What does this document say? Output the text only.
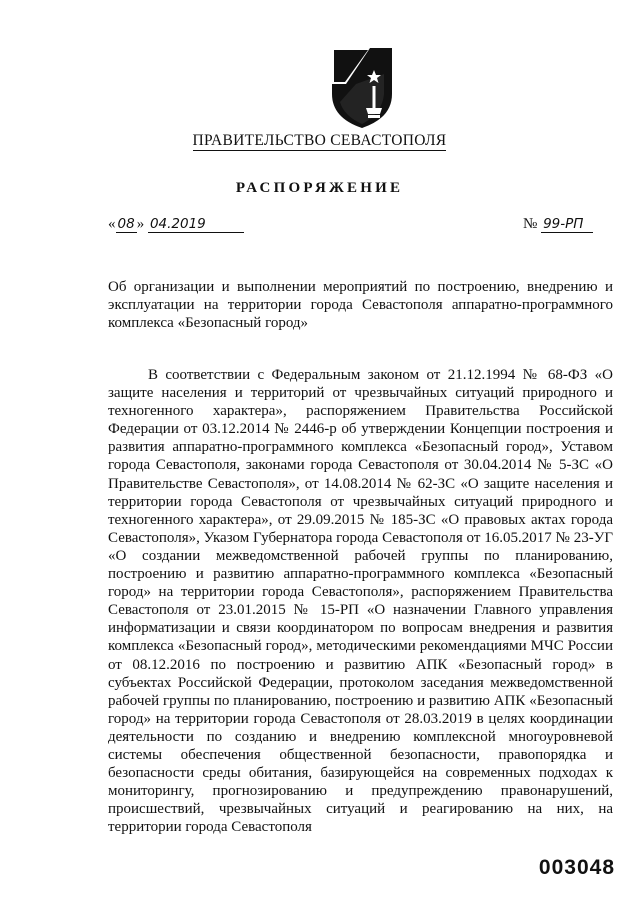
ПРАВИТЕЛЬСТВО СЕВАСТОПОЛЯ
РАСПОРЯЖЕНИЕ
« 08 » 04.2019	№ 99-РП
Об организации и выполнении мероприятий по построению, внедрению и эксплуатации на территории города Севастополя аппаратно-программного комплекса «Безопасный город»
В соответствии с Федеральным законом от 21.12.1994 № 68-ФЗ «О защите населения и территорий от чрезвычайных ситуаций природного и техногенного характера», распоряжением Правительства Российской Федерации от 03.12.2014 № 2446-р об утверждении Концепции построения и развития аппаратно-программного комплекса «Безопасный город», Уставом города Севастополя, законами города Севастополя от 30.04.2014 № 5-ЗС «О Правительстве Севастополя», от 14.08.2014 № 62-ЗС «О защите населения и территории города Севастополя от чрезвычайных ситуаций природного и техногенного характера», от 29.09.2015 № 185-ЗС «О правовых актах города Севастополя», Указом Губернатора города Севастополя от 16.05.2017 № 23-УГ «О создании межведомственной рабочей группы по планированию, построению и развитию аппаратно-программного комплекса «Безопасный город» на территории города Севастополя», распоряжением Правительства Севастополя от 23.01.2015 № 15-РП «О назначении Главного управления информатизации и связи координатором по вопросам внедрения и развития комплекса «Безопасный город», методическими рекомендациями МЧС России от 08.12.2016 по построению и развитию АПК «Безопасный город» в субъектах Российской Федерации, протоколом заседания межведомственной рабочей группы по планированию, построению и развитию АПК «Безопасный город» на территории города Севастополя от 28.03.2019 в целях координации деятельности по созданию и внедрению комплексной многоуровневой системы обеспечения общественной безопасности, правопорядка и безопасности среды обитания, базирующейся на современных подходах к мониторингу, прогнозированию и предупреждению правонарушений, происшествий, чрезвычайных ситуаций и реагированию на них, на территории города Севастополя
003048
